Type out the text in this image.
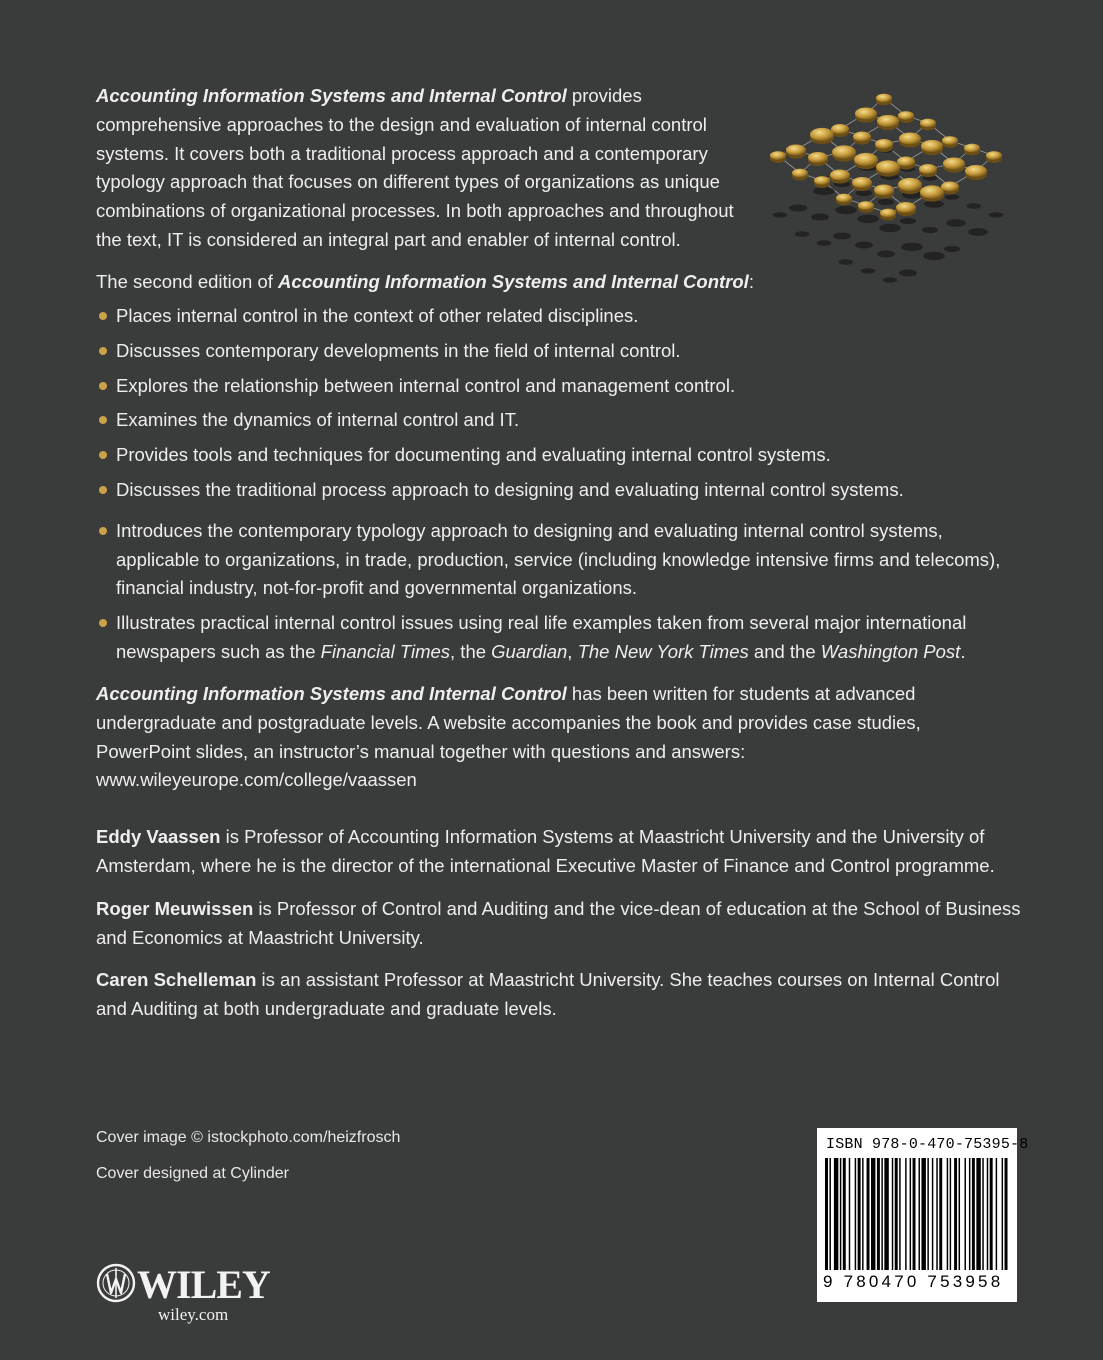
Accounting Information Systems and Internal Control provides comprehensive approaches to the design and evaluation of internal control systems. It covers both a traditional process approach and a contemporary typology approach that focuses on different types of organizations as unique combinations of organizational processes. In both approaches and throughout the text, IT is considered an integral part and enabler of internal control.

The second edition of Accounting Information Systems and Internal Control:

Places internal control in the context of other related disciplines.
Discusses contemporary developments in the field of internal control.
Explores the relationship between internal control and management control.
Examines the dynamics of internal control and IT.
Provides tools and techniques for documenting and evaluating internal control systems.
Discusses the traditional process approach to designing and evaluating internal control systems.
Introduces the contemporary typology approach to designing and evaluating internal control systems, applicable to organizations, in trade, production, service (including knowledge intensive firms and telecoms), financial industry, not-for-profit and governmental organizations.
Illustrates practical internal control issues using real life examples taken from several major international newspapers such as the Financial Times, the Guardian, The New York Times and the Washington Post.

Accounting Information Systems and Internal Control has been written for students at advanced undergraduate and postgraduate levels. A website accompanies the book and provides case studies, PowerPoint slides, an instructor’s manual together with questions and answers:
www.wileyeurope.com/college/vaassen

Eddy Vaassen is Professor of Accounting Information Systems at Maastricht University and the University of Amsterdam, where he is the director of the international Executive Master of Finance and Control programme.

Roger Meuwissen is Professor of Control and Auditing and the vice-dean of education at the School of Business and Economics at Maastricht University.

Caren Schelleman is an assistant Professor at Maastricht University. She teaches courses on Internal Control and Auditing at both undergraduate and graduate levels.

Cover image © istockphoto.com/heizfrosch

Cover designed at Cylinder

WILEY
wiley.com
ISBN 978-0-470-75395-8
9 780470 753958
